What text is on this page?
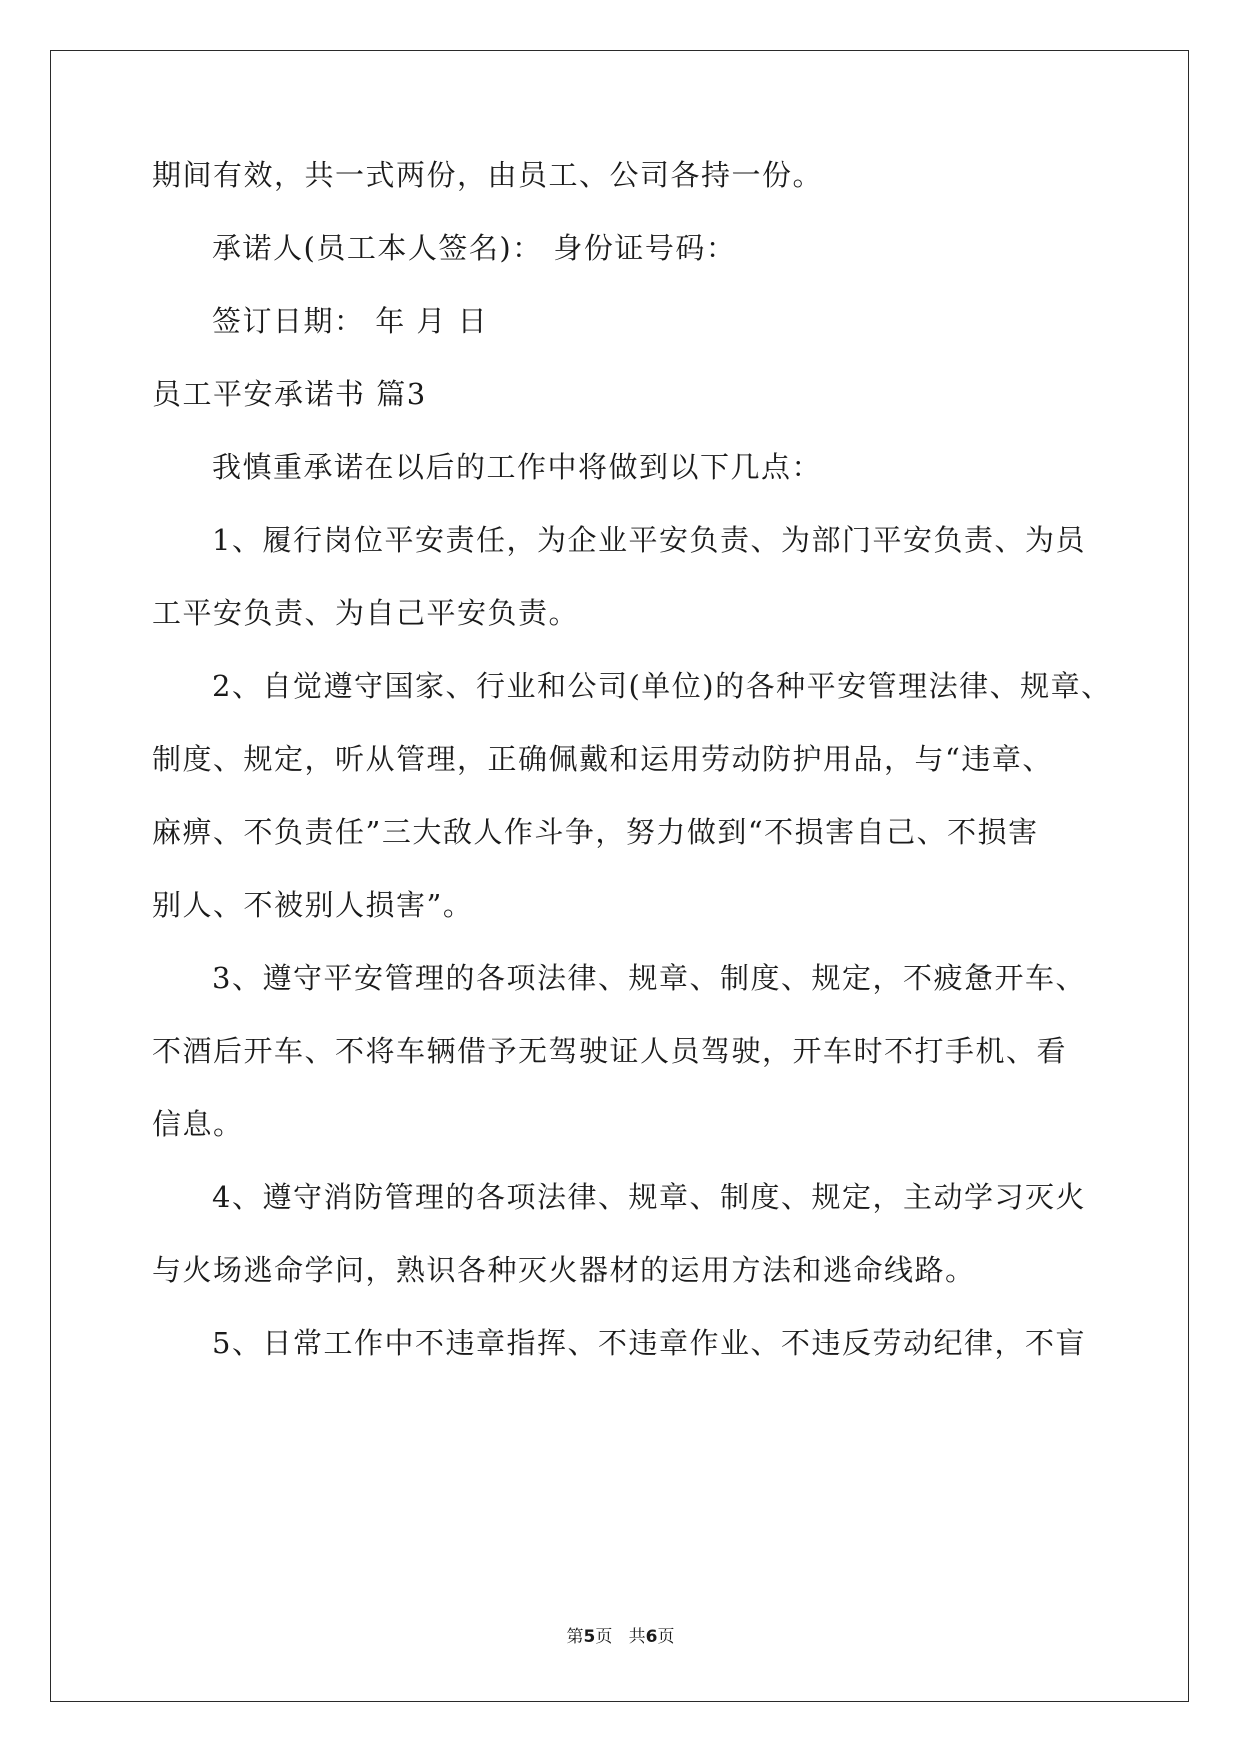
期间有效，共一式两份，由员工、公司各持一份。
承诺人(员工本人签名)： 身份证号码：
签订日期： 年 月 日
员工平安承诺书 篇3
我慎重承诺在以后的工作中将做到以下几点：
1、履行岗位平安责任，为企业平安负责、为部门平安负责、为员
工平安负责、为自己平安负责。
2、自觉遵守国家、行业和公司(单位)的各种平安管理法律、规章、
制度、规定，听从管理，正确佩戴和运用劳动防护用品，与“违章、
麻痹、不负责任”三大敌人作斗争，努力做到“不损害自己、不损害
别人、不被别人损害”。
3、遵守平安管理的各项法律、规章、制度、规定，不疲惫开车、
不酒后开车、不将车辆借予无驾驶证人员驾驶，开车时不打手机、看
信息。
4、遵守消防管理的各项法律、规章、制度、规定，主动学习灭火
与火场逃命学问，熟识各种灭火器材的运用方法和逃命线路。
5、日常工作中不违章指挥、不违章作业、不违反劳动纪律，不盲
第5页   共6页
